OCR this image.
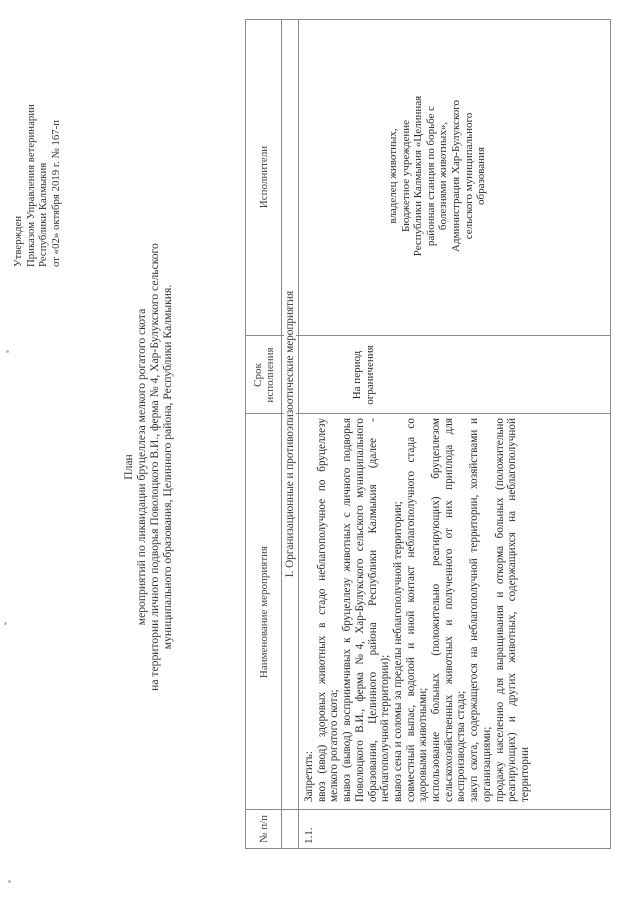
Утвержден Приказом Управления ветеринарии Республики Калмыкия от «02» октября 2019 г. № 167-п
План мероприятий по ликвидации бруцеллеза мелкого рогатого скота на территории личного подворья Поволоцкого В.И., ферма № 4, Хар-Булукского сельского муниципального образования, Целинного района, Республики Калмыкия.
№ п/п
Наименование мероприятия
Срок исполнения
Исполнители
I. Организационные и противоэпизоотические мероприятия
1.1.
Запретить: ввоз (ввод) здоровых животных в стадо неблагополучное по бруцеллезу мелкого рогатого скота; вывоз (вывод) восприимчивых к бруцеллезу животных с личного подворья Поволоцкого В.И., ферма №4, Хар-Булукского сельского муниципального образования, Целинного района Республики Калмыкия (далее - неблагополучной территории); вывоз сена и соломы за пределы неблагополучной территории; совместный выпас, водопой и иной контакт неблагополучного стада со здоровыми животными; использование больных (положительно реагирующих) бруцеллезом сельскохозяйственных животных и полученного от них приплода для воспроизводства стада; закуп скота, содержащегося на неблагополучной территории, хозяйствами и организациями; продажу населению для выращивания и откорма больных (положительно реагирующих) и других животных, содержащихся на неблагополучной территории
На период ограничения
владелец животных, Бюджетное учреждение Республики Калмыкия «Целинная районная станция по борьбе с болезнями животных», Администрация Хар-Булукского сельского муниципального образования
